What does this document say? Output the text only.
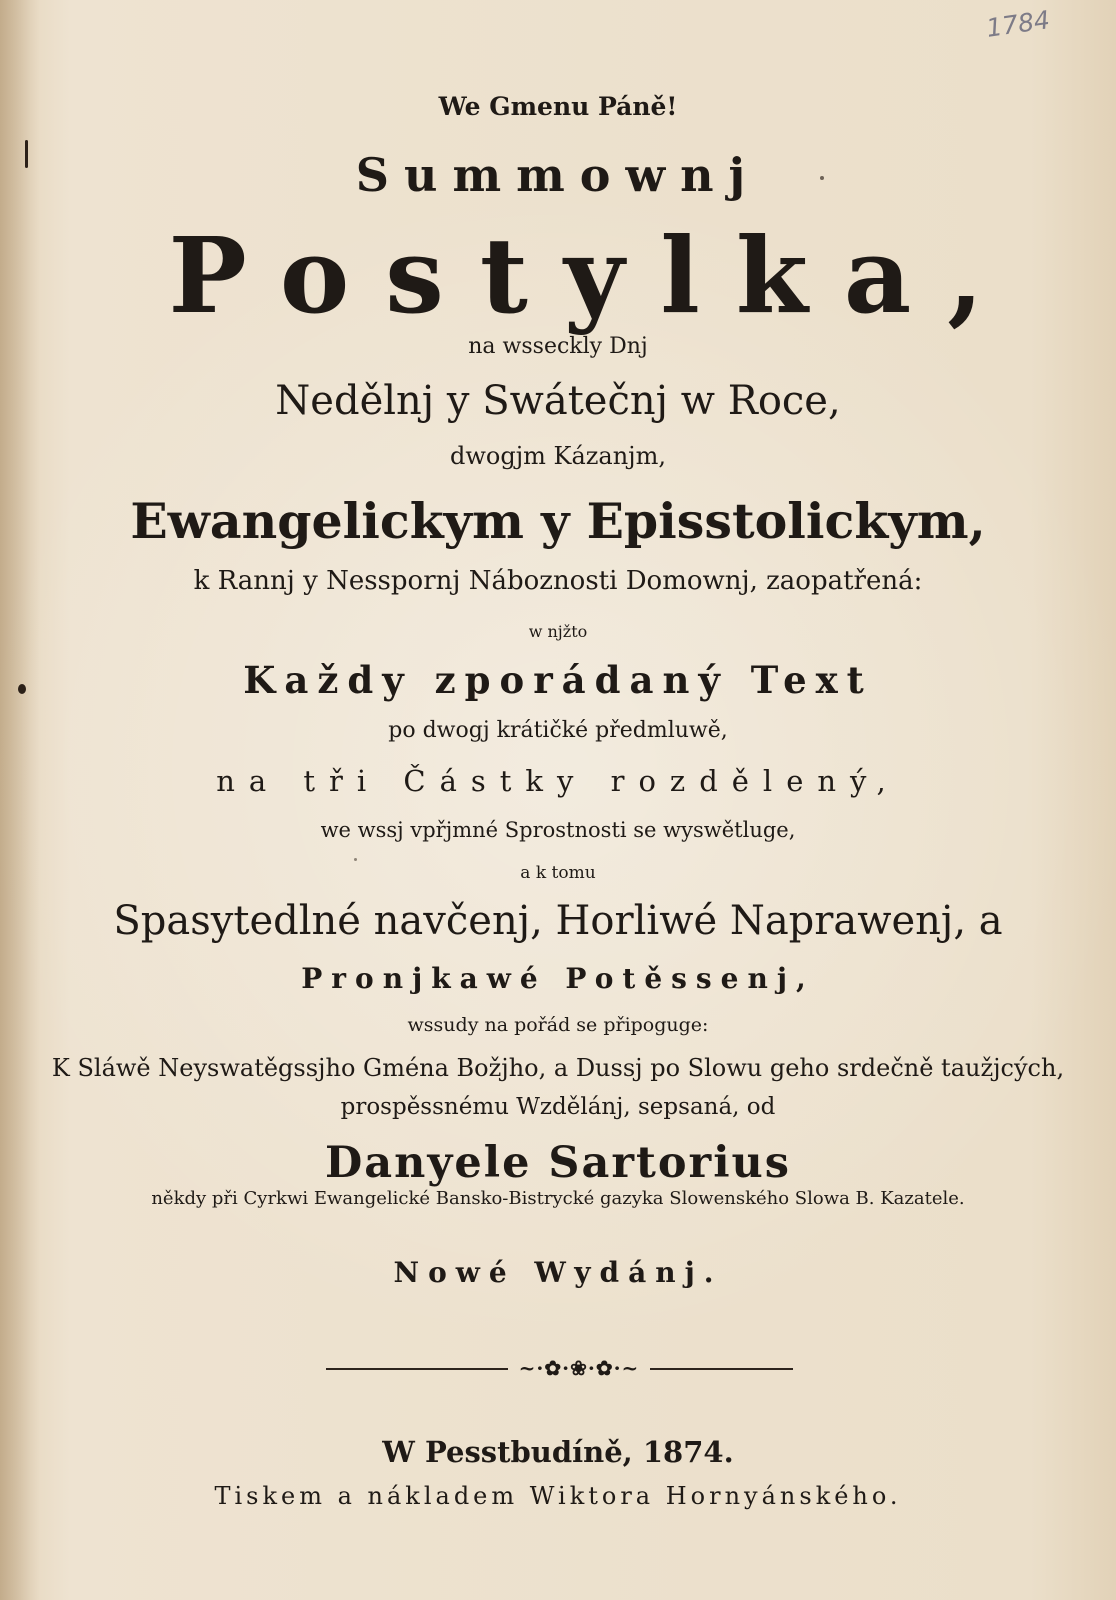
1784
We Gmenu Páně!
Summownj
Postylka,
na wsseckly Dnj
Nedělnj y Swátečnj w Roce,
dwogjm Kázanjm,
Ewangelickym y Episstolickym,
k Rannj y Nesspornj Náboznosti Domownj, zaopatřená:
w njžto
Každy zporádaný Text
po dwogj krátičké předmluwě,
na tři Částky rozdělený,
we wssj vpřjmné Sprostnosti se wyswětluge,
a k tomu
Spasytedlné navčenj, Horliwé Naprawenj, a
Pronjkawé Potěssenj,
wssudy na pořád se připoguge:
K Sláwě Neyswatěgssjho Gména Božjho, a Dussj po Slowu geho srdečně taužjcých,
prospěssnému Wzdělánj, sepsaná, od
Danyele Sartorius
někdy při Cyrkwi Ewangelické Bansko-Bistrycké gazyka Slowenského Slowa B. Kazatele.
Nowé Wydánj.
~·✿·❀·✿·~
W Pesstbudíně, 1874.
Tiskem a nákladem Wiktora Hornyánského.
